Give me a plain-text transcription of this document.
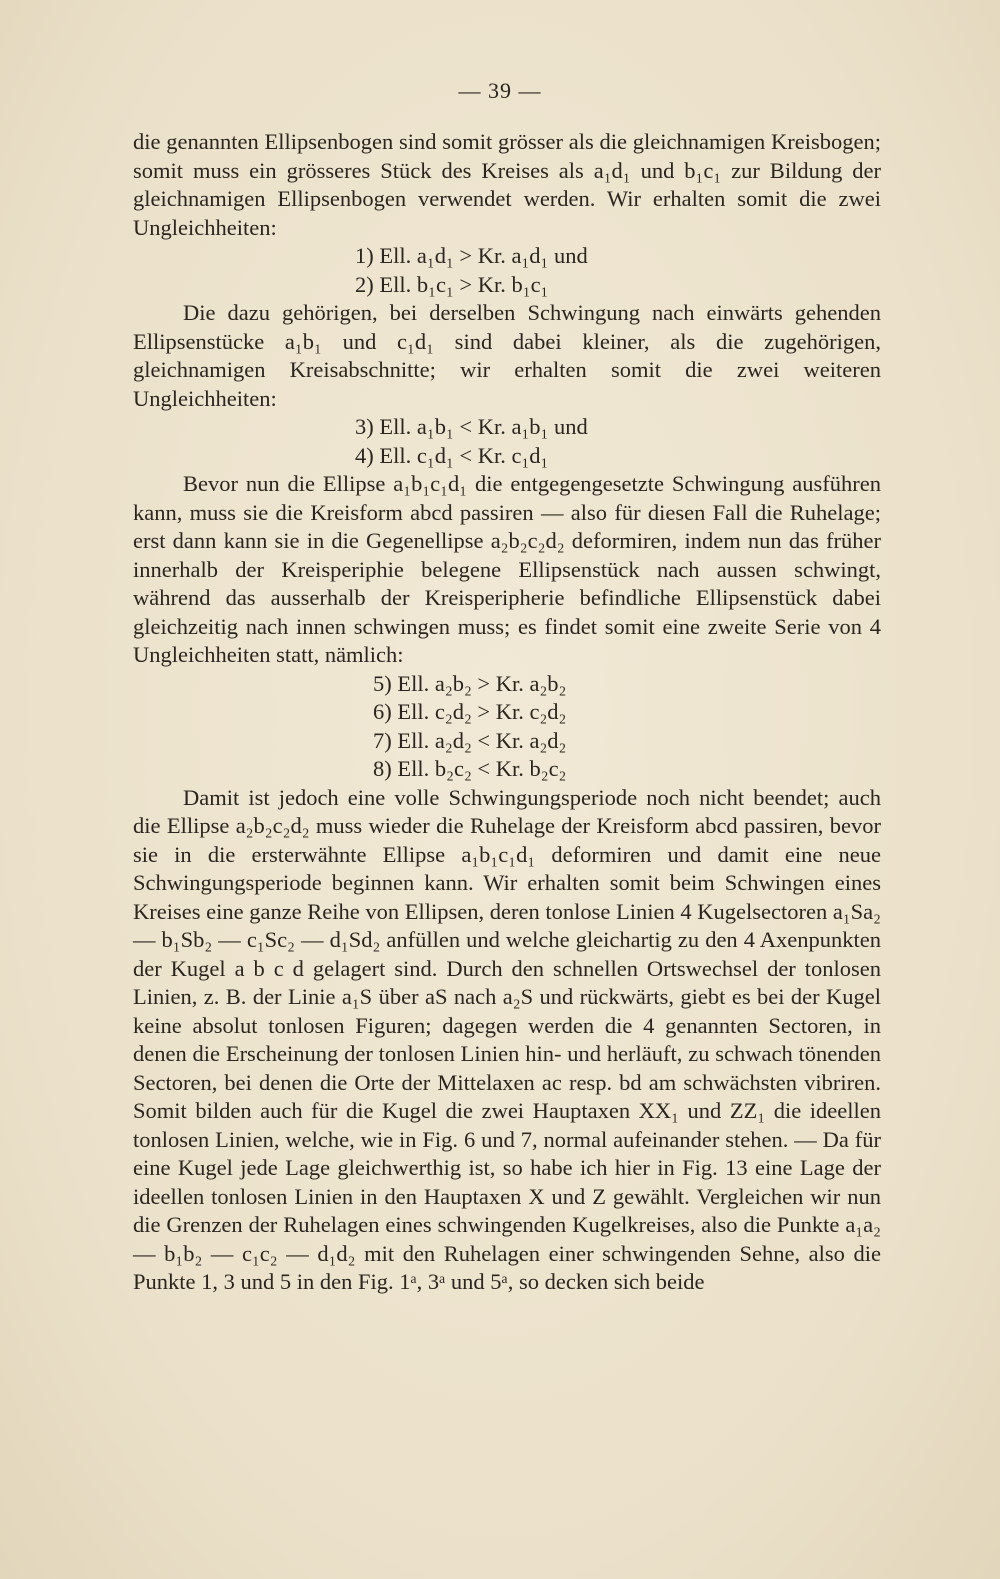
— 39 —

die genannten Ellipsenbogen sind somit grösser als die gleichnamigen Kreisbogen; somit muss ein grösseres Stück des Kreises als a₁d₁ und b₁c₁ zur Bildung der gleichnamigen Ellipsenbogen verwendet werden. Wir erhalten somit die zwei Ungleichheiten:

1) Ell. a₁d₁ > Kr. a₁d₁ und

2) Ell. b₁c₁ > Kr. b₁c₁

Die dazu gehörigen, bei derselben Schwingung nach einwärts gehenden Ellipsenstücke a₁b₁ und c₁d₁ sind dabei kleiner, als die zugehörigen, gleichnamigen Kreisabschnitte; wir erhalten somit die zwei weiteren Ungleichheiten:

3) Ell. a₁b₁ < Kr. a₁b₁ und

4) Ell. c₁d₁ < Kr. c₁d₁

Bevor nun die Ellipse a₁b₁c₁d₁ die entgegengesetzte Schwingung ausführen kann, muss sie die Kreisform abcd passiren — also für diesen Fall die Ruhelage; erst dann kann sie in die Gegenellipse a₂b₂c₂d₂ deformiren, indem nun das früher innerhalb der Kreisperiphie belegene Ellipsenstück nach aussen schwingt, während das ausserhalb der Kreisperipherie befindliche Ellipsenstück dabei gleichzeitig nach innen schwingen muss; es findet somit eine zweite Serie von 4 Ungleichheiten statt, nämlich:

5) Ell. a₂b₂ > Kr. a₂b₂

6) Ell. c₂d₂ > Kr. c₂d₂

7) Ell. a₂d₂ < Kr. a₂d₂

8) Ell. b₂c₂ < Kr. b₂c₂

Damit ist jedoch eine volle Schwingungsperiode noch nicht beendet; auch die Ellipse a₂b₂c₂d₂ muss wieder die Ruhelage der Kreisform abcd passiren, bevor sie in die ersterwähnte Ellipse a₁b₁c₁d₁ deformiren und damit eine neue Schwingungsperiode beginnen kann. Wir erhalten somit beim Schwingen eines Kreises eine ganze Reihe von Ellipsen, deren tonlose Linien 4 Kugelsectoren a₁Sa₂ — b₁Sb₂ — c₁Sc₂ — d₁Sd₂ anfüllen und welche gleichartig zu den 4 Axenpunkten der Kugel a b c d gelagert sind. Durch den schnellen Ortswechsel der tonlosen Linien, z. B. der Linie a₁S über aS nach a₂S und rückwärts, giebt es bei der Kugel keine absolut tonlosen Figuren; dagegen werden die 4 genannten Sectoren, in denen die Erscheinung der tonlosen Linien hin- und herläuft, zu schwach tönenden Sectoren, bei denen die Orte der Mittelaxen ac resp. bd am schwächsten vibriren. Somit bilden auch für die Kugel die zwei Hauptaxen XX₁ und ZZ₁ die ideellen tonlosen Linien, welche, wie in Fig. 6 und 7, normal aufeinander stehen. — Da für eine Kugel jede Lage gleichwerthig ist, so habe ich hier in Fig. 13 eine Lage der ideellen tonlosen Linien in den Hauptaxen X und Z gewählt. Vergleichen wir nun die Grenzen der Ruhelagen eines schwingenden Kugelkreises, also die Punkte a₁a₂ — b₁b₂ — c₁c₂ — d₁d₂ mit den Ruhelagen einer schwingenden Sehne, also die Punkte 1, 3 und 5 in den Fig. 1ᵃ, 3ᵃ und 5ᵃ, so decken sich beide
